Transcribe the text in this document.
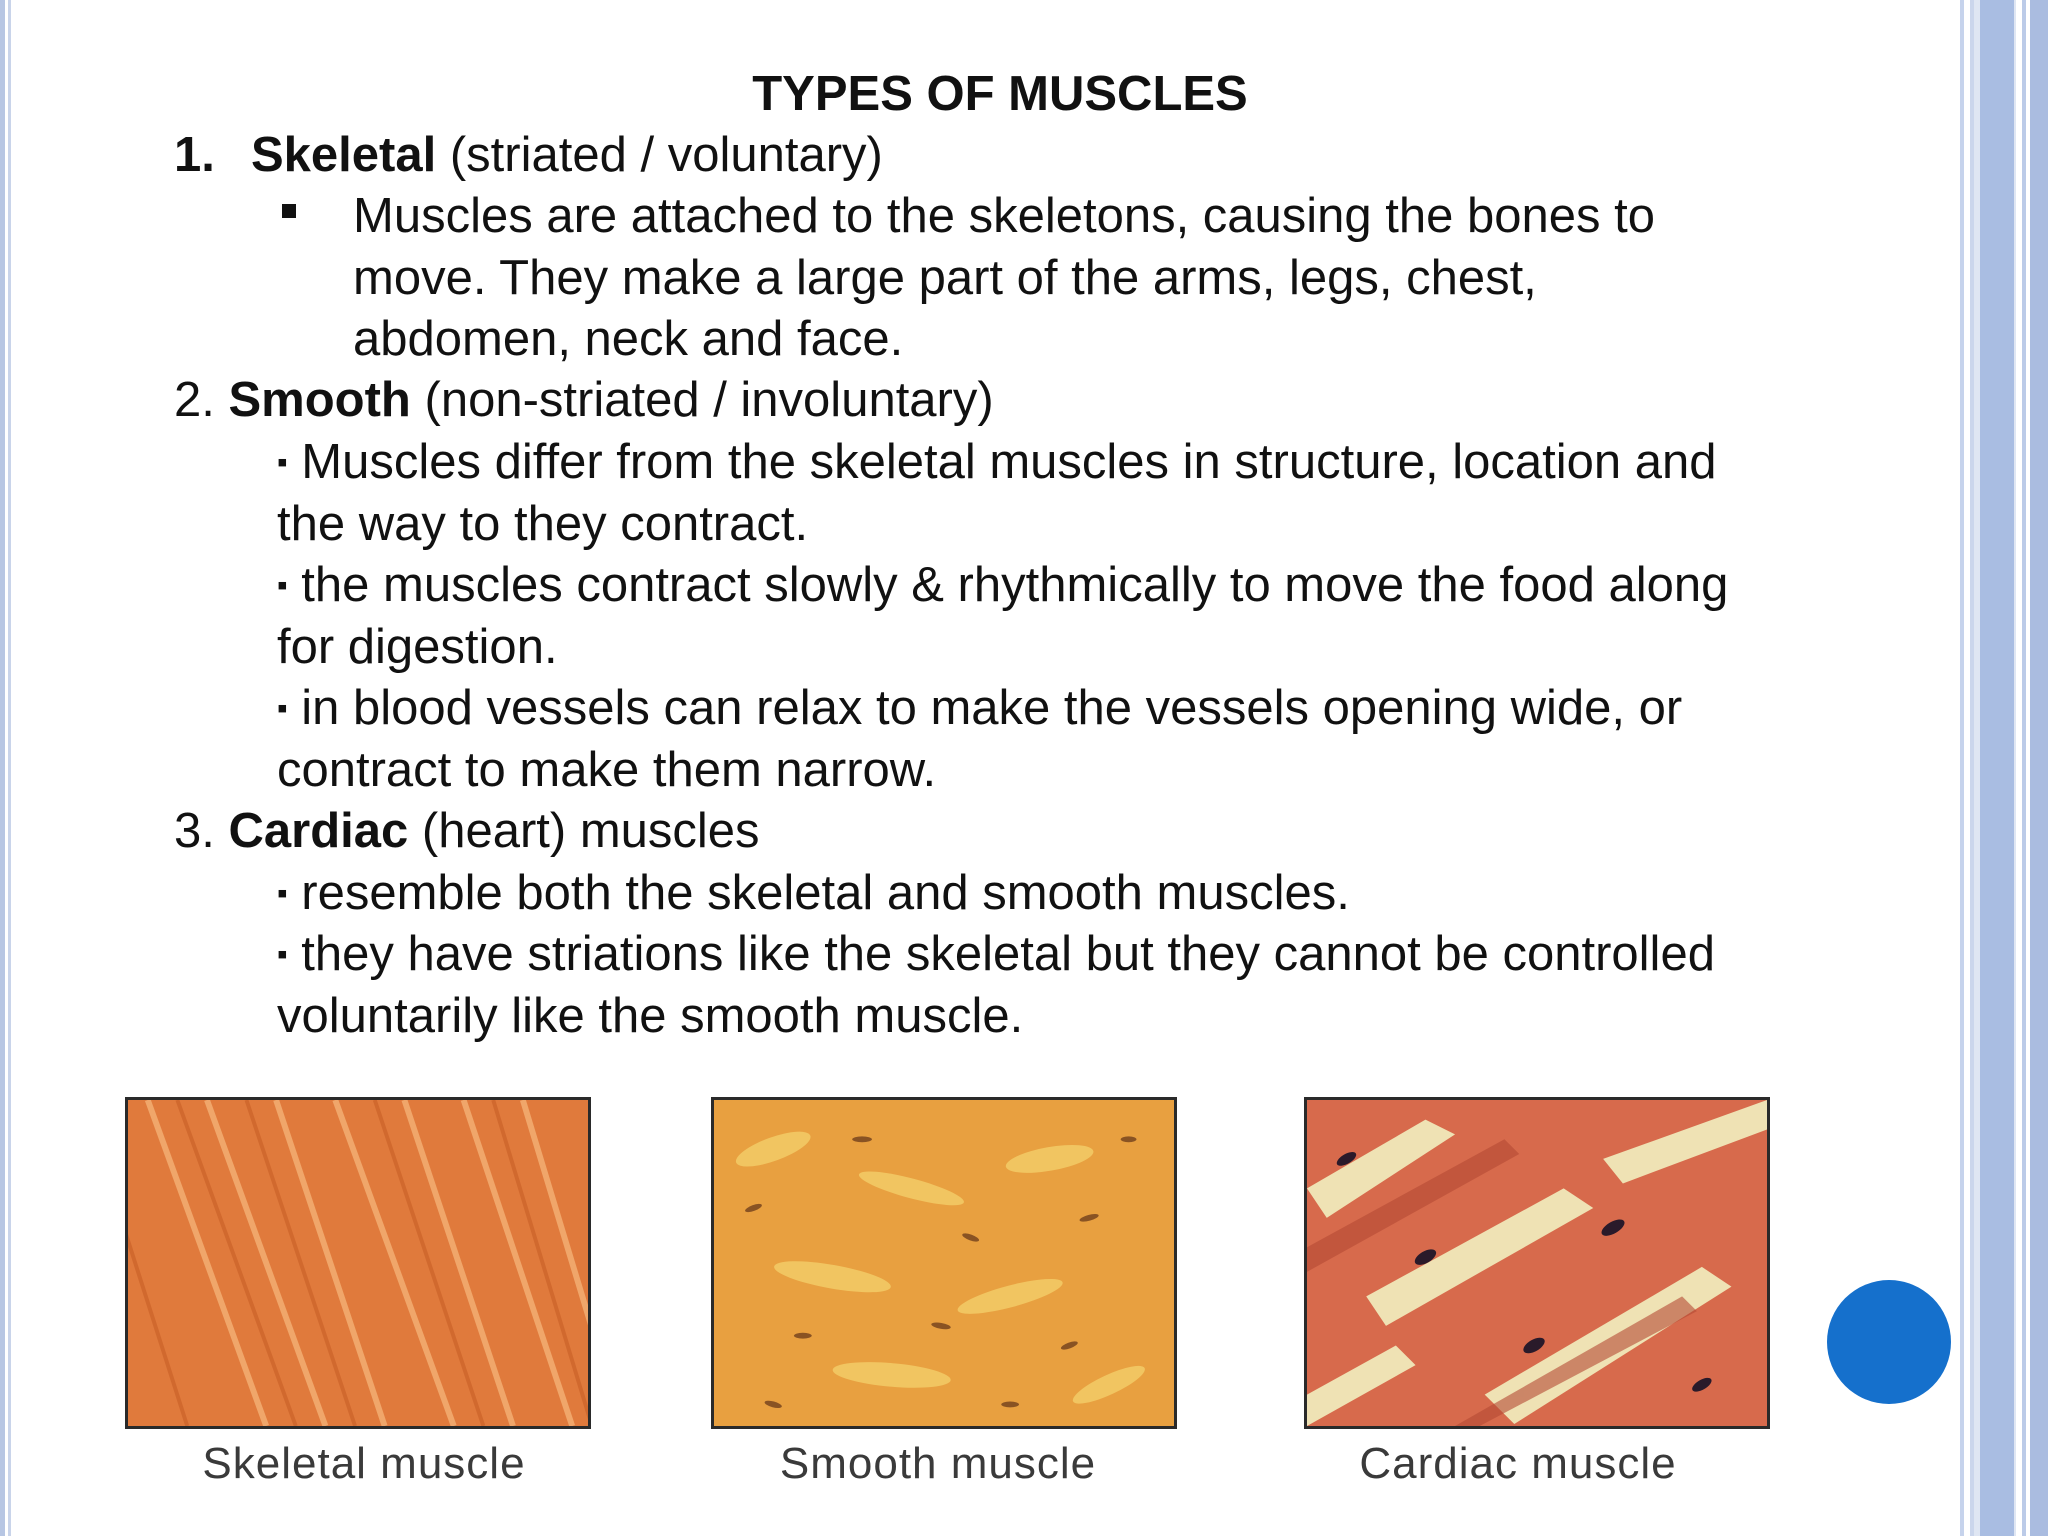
TYPES OF MUSCLES
1. Skeletal (striated / voluntary)
Muscles are attached to the skeletons, causing the bones to
move. They make a large part of the arms, legs, chest,
abdomen, neck and face.
2. Smooth (non-striated / involuntary)
▪ Muscles differ from the skeletal muscles in structure, location and
the way to they contract.
▪ the muscles contract slowly & rhythmically to move the food along
for digestion.
▪ in blood vessels can relax to make the vessels opening wide, or
contract to make them narrow.
3. Cardiac (heart) muscles
▪ resemble both the skeletal and smooth muscles.
▪ they have striations like the skeletal but they cannot be controlled
voluntarily like the smooth muscle.
Skeletal muscle	Smooth muscle	Cardiac muscle
